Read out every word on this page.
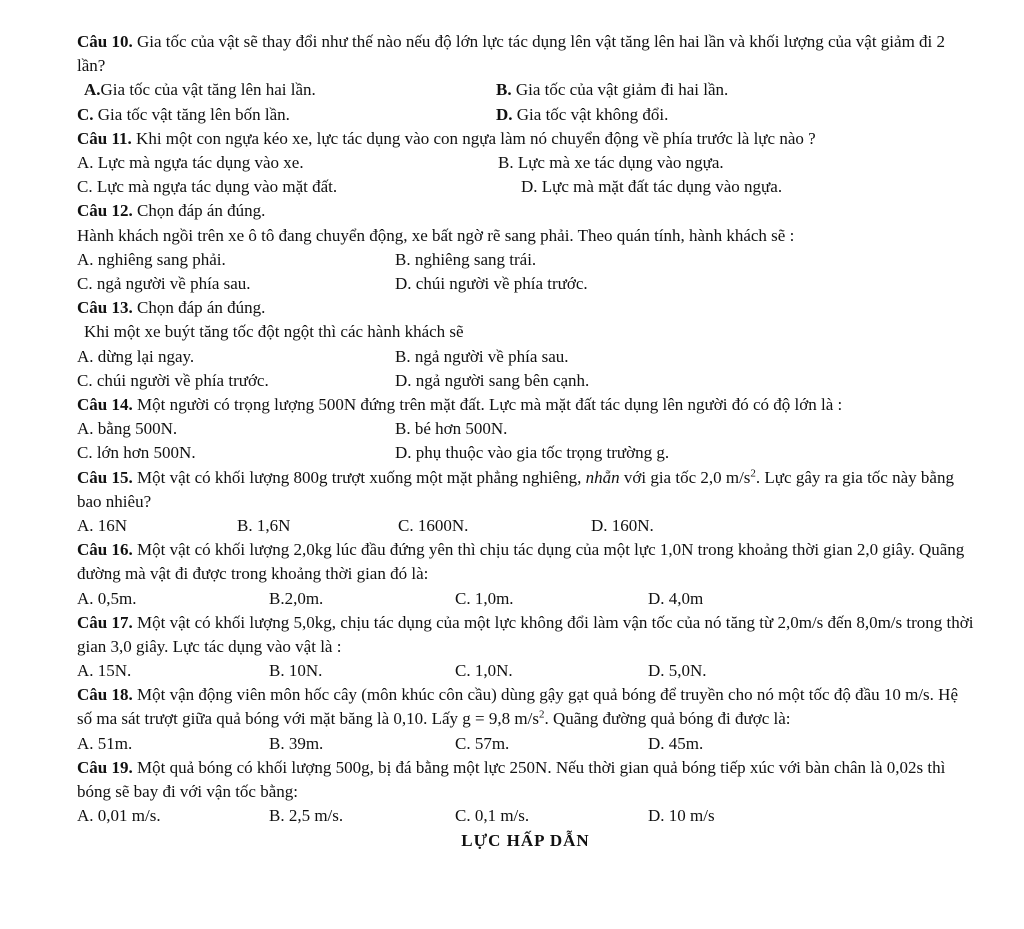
Câu 10. Gia tốc của vật sẽ thay đổi như thế nào nếu độ lớn lực tác dụng lên vật tăng lên hai lần và khối lượng của vật giảm đi 2 lần?

A.Gia tốc của vật tăng lên hai lần.	B. Gia tốc của vật giảm đi hai lần.
C. Gia tốc vật tăng lên bốn lần.	D. Gia tốc vật không đổi.

Câu 11. Khi một con ngựa kéo xe, lực tác dụng vào con ngựa làm nó chuyển động về phía trước là lực nào ?

A. Lực mà ngựa tác dụng vào xe.	B. Lực mà xe tác dụng vào ngựa.
C. Lực mà ngựa tác dụng vào mặt đất.	D. Lực mà mặt đất tác dụng vào ngựa.

Câu 12. Chọn đáp án đúng.

Hành khách ngồi trên xe ô tô đang chuyển động, xe bất ngờ rẽ sang phải. Theo quán tính, hành khách sẽ :

A. nghiêng sang phải.	B. nghiêng sang trái.
C. ngả người về phía sau.	D. chúi người về phía trước.

Câu 13. Chọn đáp án đúng.

Khi một xe buýt tăng tốc đột ngột thì các hành khách sẽ

A. dừng lại ngay.	B. ngả người về phía sau.
C. chúi người về phía trước.	D. ngả người sang bên cạnh.

Câu 14. Một người có trọng lượng 500N đứng trên mặt đất. Lực mà mặt đất tác dụng lên người đó có độ lớn là :

A. bằng 500N.	B. bé hơn 500N.
C. lớn hơn 500N.	D. phụ thuộc vào gia tốc trọng trường g.

Câu 15. Một vật có khối lượng 800g trượt xuống một mặt phẳng nghiêng, nhẵn với gia tốc 2,0 $m/s^2$. Lực gây ra gia tốc này bằng bao nhiêu?

A. 16N	B. 1,6N	C. 1600N.	D. 160N.

Câu 16. Một vật có khối lượng 2,0kg lúc đầu đứng yên thì chịu tác dụng của một lực 1,0N trong khoảng thời gian 2,0 giây. Quãng đường mà vật đi được trong khoảng thời gian đó là:

A. 0,5m.	B.2,0m.	C. 1,0m.	D. 4,0m

Câu 17. Một vật có khối lượng 5,0kg, chịu tác dụng của một lực không đổi làm vận tốc của nó tăng từ 2,0m/s đến 8,0m/s trong thời gian 3,0 giây. Lực tác dụng vào vật là :

A. 15N.	B. 10N.	C. 1,0N.	D. 5,0N.

Câu 18. Một vận động viên môn hốc cây (môn khúc côn cầu) dùng gậy gạt quả bóng để truyền cho nó một tốc độ đầu 10 m/s. Hệ số ma sát trượt giữa quả bóng với mặt băng là 0,10. Lấy g = 9,8 $m/s^2$. Quãng đường quả bóng đi được là:

A. 51m.	B. 39m.	C. 57m.	D. 45m.

Câu 19. Một quả bóng có khối lượng 500g, bị đá bằng một lực 250N. Nếu thời gian quả bóng tiếp xúc với bàn chân là 0,02s thì bóng sẽ bay đi với vận tốc bằng:

A. 0,01 m/s.	B. 2,5 m/s.	C. 0,1 m/s.	D. 10 m/s
LỰC HẤP DẪN
